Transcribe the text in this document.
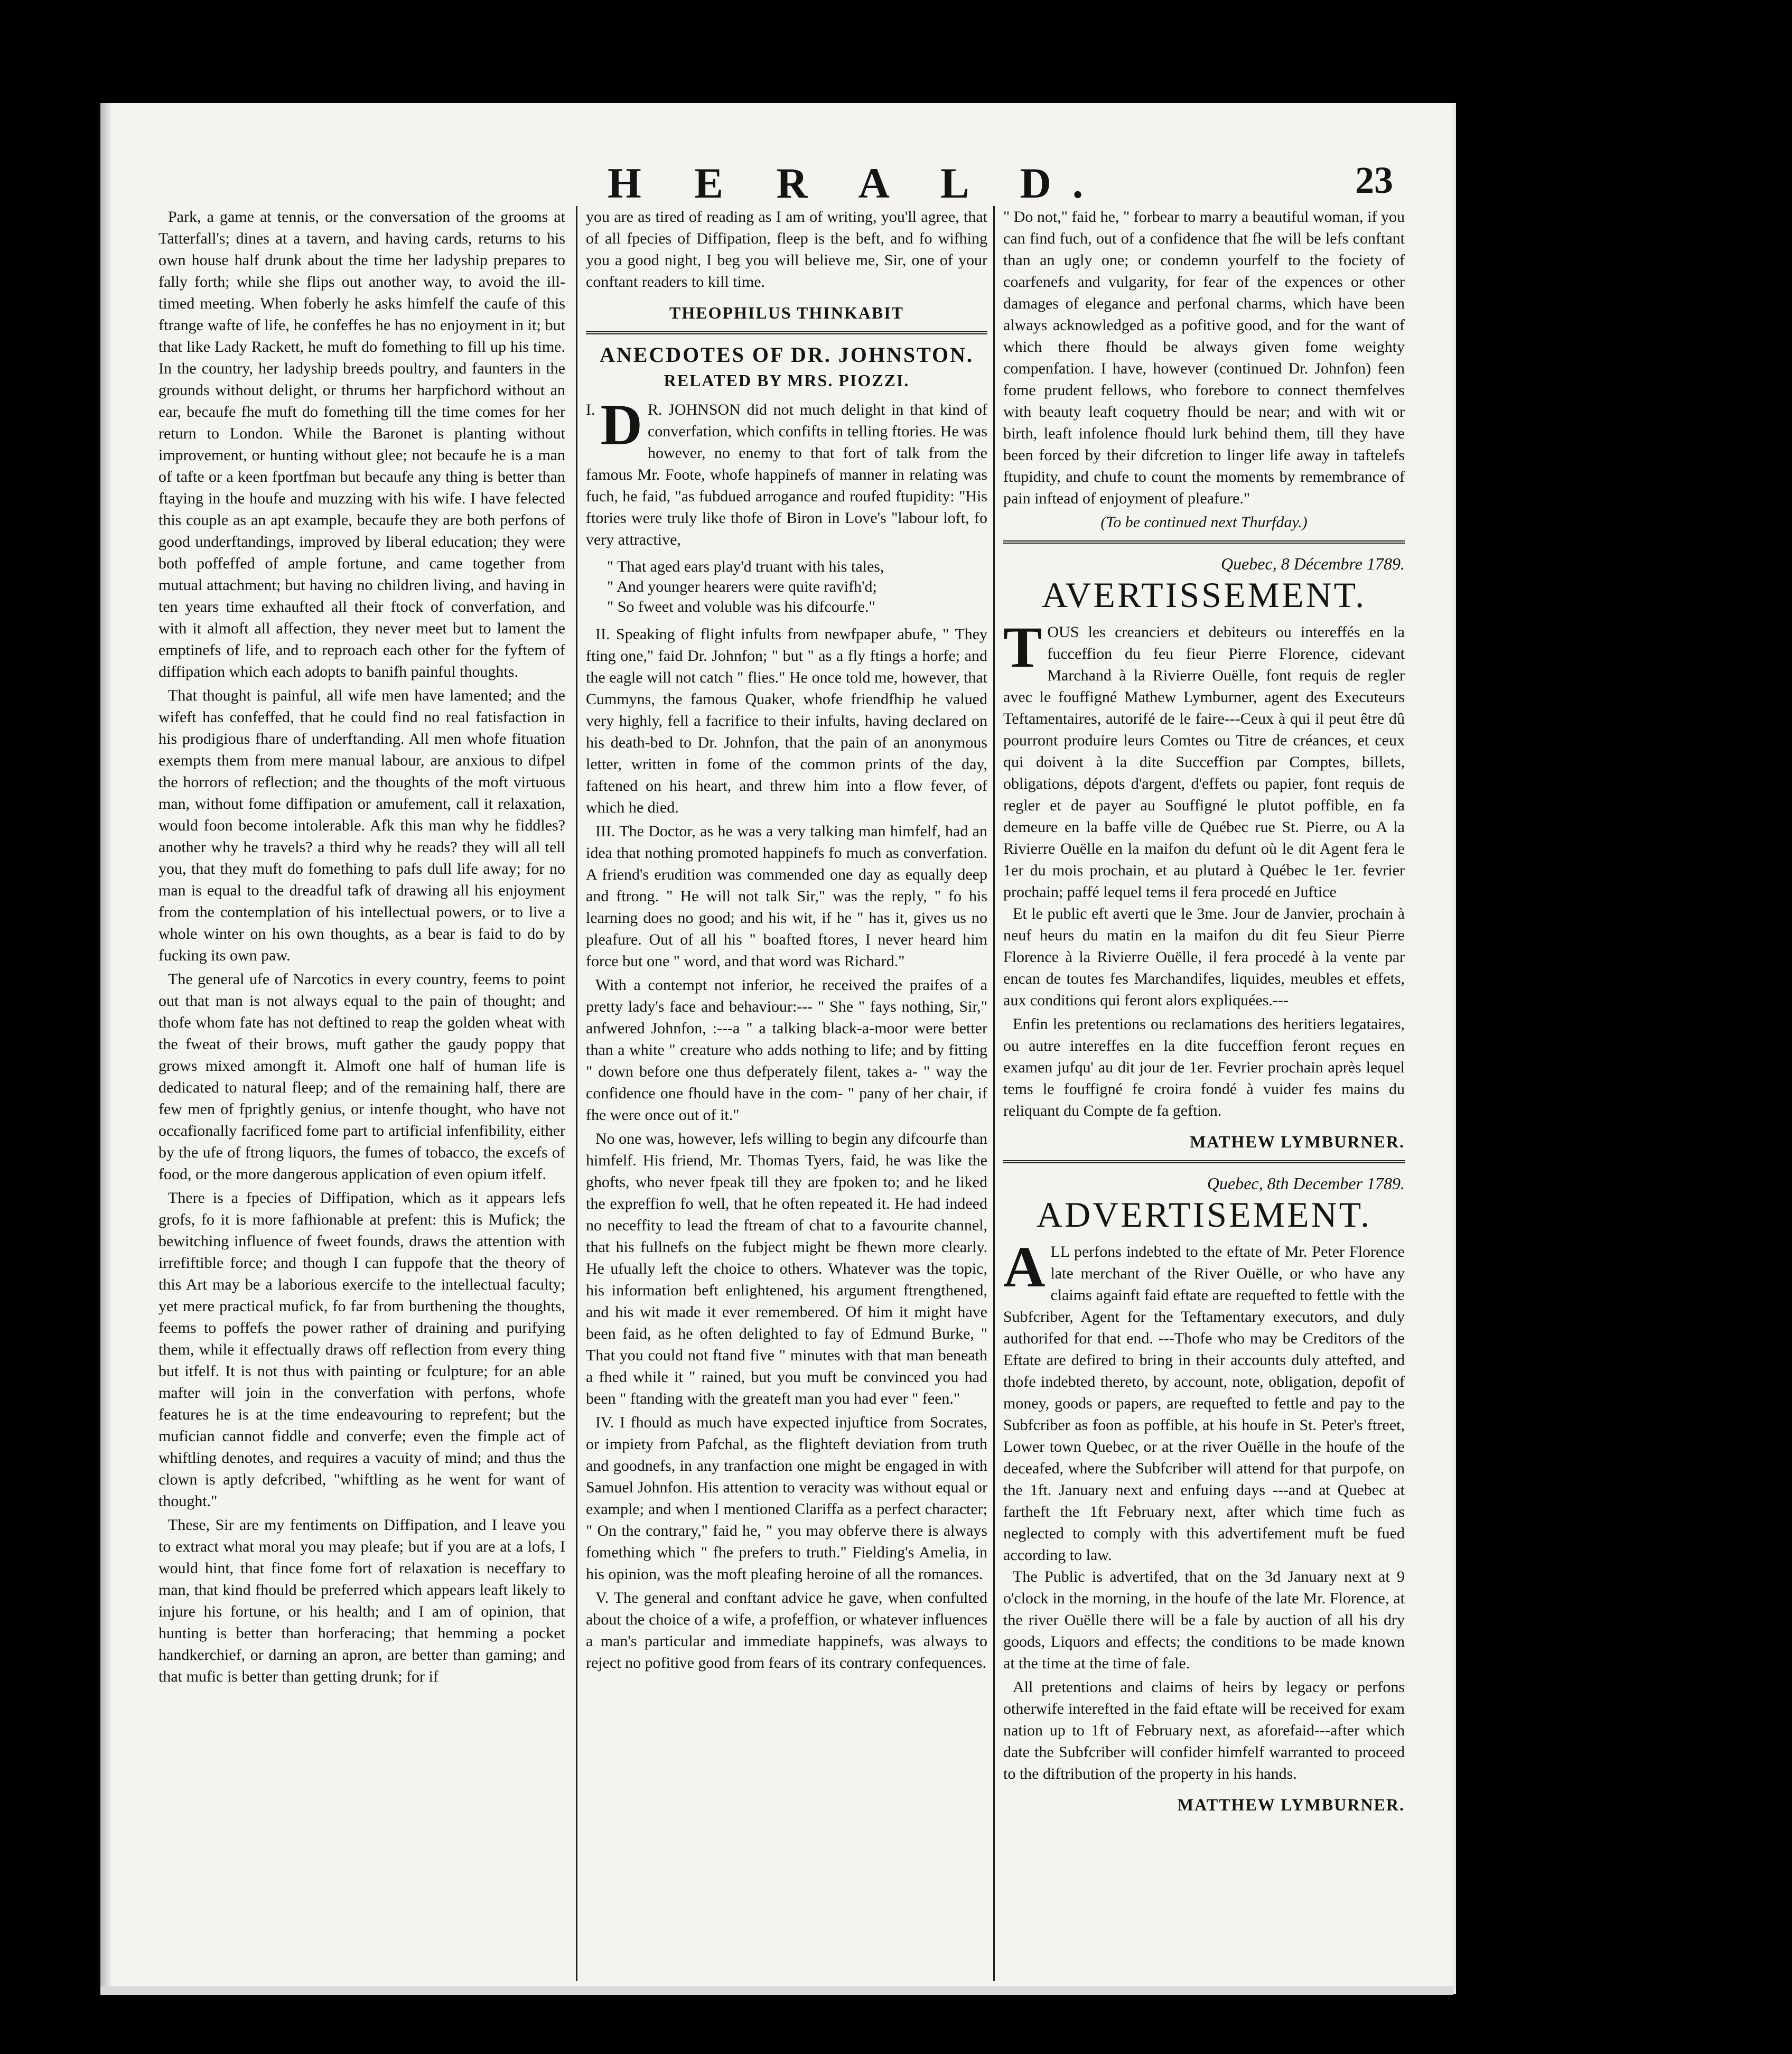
H E R A L D.	23

Park, a game at tennis, or the conversation of the grooms at Tatterfall's; dines at a tavern, and having cards, returns to his own house half drunk about the time her ladyship prepares to fally forth; while she flips out another way, to avoid the ill-timed meeting. When foberly he asks himfelf the caufe of this ftrange wafte of life, he confeffes he has no enjoyment in it; but that like Lady Rackett, he muft do fomething to fill up his time. In the country, her ladyship breeds poultry, and faunters in the grounds without delight, or thrums her harpfichord without an ear, becaufe fhe muft do fomething till the time comes for her return to London. While the Baronet is planting without improvement, or hunting without glee; not becaufe he is a man of tafte or a keen fportfman but becaufe any thing is better than ftaying in the houfe and muzzing with his wife. I have felected this couple as an apt example, becaufe they are both perfons of good underftandings, improved by liberal education; they were both poffeffed of ample fortune, and came together from mutual attachment; but having no children living, and having in ten years time exhaufted all their ftock of converfation, and with it almoft all affection, they never meet but to lament the emptinefs of life, and to reproach each other for the fyftem of diffipation which each adopts to banifh painful thoughts.

That thought is painful, all wife men have lamented; and the wifeft has confeffed, that he could find no real fatisfaction in his prodigious fhare of underftanding. All men whofe fituation exempts them from mere manual labour, are anxious to difpel the horrors of reflection; and the thoughts of the moft virtuous man, without fome diffipation or amufement, call it relaxation, would foon become intolerable. Afk this man why he fiddles? another why he travels? a third why he reads? they will all tell you, that they muft do fomething to pafs dull life away; for no man is equal to the dreadful tafk of drawing all his enjoyment from the contemplation of his intellectual powers, or to live a whole winter on his own thoughts, as a bear is faid to do by fucking its own paw.

The general ufe of Narcotics in every country, feems to point out that man is not always equal to the pain of thought; and thofe whom fate has not deftined to reap the golden wheat with the fweat of their brows, muft gather the gaudy poppy that grows mixed amongft it. Almoft one half of human life is dedicated to natural fleep; and of the remaining half, there are few men of fprightly genius, or intenfe thought, who have not occafionally facrificed fome part to artificial infenfibility, either by the ufe of ftrong liquors, the fumes of tobacco, the excefs of food, or the more dangerous application of even opium itfelf.

There is a fpecies of Diffipation, which as it appears lefs grofs, fo it is more fafhionable at prefent: this is Mufick; the bewitching influence of fweet founds, draws the attention with irrefiftible force; and though I can fuppofe that the theory of this Art may be a laborious exercife to the intellectual faculty; yet mere practical mufick, fo far from burthening the thoughts, feems to poffefs the power rather of draining and purifying them, while it effectually draws off reflection from every thing but itfelf. It is not thus with painting or fculpture; for an able mafter will join in the converfation with perfons, whofe features he is at the time endeavouring to reprefent; but the mufician cannot fiddle and converfe; even the fimple act of whiftling denotes, and requires a vacuity of mind; and thus the clown is aptly defcribed, "whiftling as he went for want of thought."

These, Sir are my fentiments on Diffipation, and I leave you to extract what moral you may pleafe; but if you are at a lofs, I would hint, that fince fome fort of relaxation is neceffary to man, that kind fhould be preferred which appears leaft likely to injure his fortune, or his health; and I am of opinion, that hunting is better than horferacing; that hemming a pocket handkerchief, or darning an apron, are better than gaming; and that mufic is better than getting drunk; for if

you are as tired of reading as I am of writing, you'll agree, that of all fpecies of Diffipation, fleep is the beft, and fo wifhing you a good night, I beg you will believe me, Sir, one of your conftant readers to kill time.

THEOPHILUS THINKABIT
ANECDOTES OF DR. JOHNSTON.
RELATED BY MRS. PIOZZI.
I. D R. JOHNSON did not much delight in that kind of converfation, which confifts in telling ftories. He was however, no enemy to that fort of talk from the famous Mr. Foote, whofe happinefs of manner in relating was fuch, he faid, "as fubdued arrogance and roufed ftupidity: "His ftories were truly like thofe of Biron in Love's "labour loft, fo very attractive,
" That aged ears play'd truant with his tales,
" And younger hearers were quite ravifh'd;
" So fweet and voluble was his difcourfe."

II. Speaking of flight infults from newfpaper abufe, " They fting one," faid Dr. Johnfon; " but " as a fly ftings a horfe; and the eagle will not catch " flies." He once told me, however, that Cummyns, the famous Quaker, whofe friendfhip he valued very highly, fell a facrifice to their infults, having declared on his death-bed to Dr. Johnfon, that the pain of an anonymous letter, written in fome of the common prints of the day, faftened on his heart, and threw him into a flow fever, of which he died.

III. The Doctor, as he was a very talking man himfelf, had an idea that nothing promoted happinefs fo much as converfation. A friend's erudition was commended one day as equally deep and ftrong. " He will not talk Sir," was the reply, " fo his learning does no good; and his wit, if he " has it, gives us no pleafure. Out of all his " boafted ftores, I never heard him force but one " word, and that word was Richard."

With a contempt not inferior, he received the praifes of a pretty lady's face and behaviour:--- " She " fays nothing, Sir," anfwered Johnfon, :---a " a talking black-a-moor were better than a white " creature who adds nothing to life; and by fitting " down before one thus defperately filent, takes a- " way the confidence one fhould have in the com- " pany of her chair, if fhe were once out of it."

No one was, however, lefs willing to begin any difcourfe than himfelf. His friend, Mr. Thomas Tyers, faid, he was like the ghofts, who never fpeak till they are fpoken to; and he liked the expreffion fo well, that he often repeated it. He had indeed no neceffity to lead the ftream of chat to a favourite channel, that his fullnefs on the fubject might be fhewn more clearly. He ufually left the choice to others. Whatever was the topic, his information beft enlightened, his argument ftrengthened, and his wit made it ever remembered. Of him it might have been faid, as he often delighted to fay of Edmund Burke, " That you could not ftand five " minutes with that man beneath a fhed while it " rained, but you muft be convinced you had been " ftanding with the greateft man you had ever " feen."

IV. I fhould as much have expected injuftice from Socrates, or impiety from Pafchal, as the flighteft deviation from truth and goodnefs, in any tranfaction one might be engaged in with Samuel Johnfon. His attention to veracity was without equal or example; and when I mentioned Clariffa as a perfect character; " On the contrary," faid he, " you may obferve there is always fomething which " fhe prefers to truth." Fielding's Amelia, in his opinion, was the moft pleafing heroine of all the romances.

V. The general and conftant advice he gave, when confulted about the choice of a wife, a profeffion, or whatever influences a man's particular and immediate happinefs, was always to reject no pofitive good from fears of its contrary confequences.

" Do not," faid he, " forbear to marry a beautiful woman, if you can find fuch, out of a confidence that fhe will be lefs conftant than an ugly one; or condemn yourfelf to the fociety of coarfenefs and vulgarity, for fear of the expences or other damages of elegance and perfonal charms, which have been always acknowledged as a pofitive good, and for the want of which there fhould be always given fome weighty compenfation. I have, however (continued Dr. Johnfon) feen fome prudent fellows, who forebore to connect themfelves with beauty leaft coquetry fhould be near; and with wit or birth, leaft infolence fhould lurk behind them, till they have been forced by their difcretion to linger life away in taftelefs ftupidity, and chufe to count the moments by remembrance of pain inftead of enjoyment of pleafure."

(To be continued next Thurfday.)
Quebec, 8 Décembre 1789.
AVERTISSEMENT.
T OUS les creanciers et debiteurs ou intereffés en la fucceffion du feu fieur Pierre Florence, cidevant Marchand à la Rivierre Ouëlle, font requis de regler avec le fouffigné Mathew Lymburner, agent des Executeurs Teftamentaires, autorifé de le faire---Ceux à qui il peut être dû pourront produire leurs Comtes ou Titre de créances, et ceux qui doivent à la dite Succeffion par Comptes, billets, obligations, dépots d'argent, d'effets ou papier, font requis de regler et de payer au Souffigné le plutot poffible, en fa demeure en la baffe ville de Québec rue St. Pierre, ou A la Rivierre Ouëlle en la maifon du defunt où le dit Agent fera le 1er du mois prochain, et au plutard à Québec le 1er. fevrier prochain; paffé lequel tems il fera procedé en Juftice

Et le public eft averti que le 3me. Jour de Janvier, prochain à neuf heurs du matin en la maifon du dit feu Sieur Pierre Florence à la Rivierre Ouëlle, il fera procedé à la vente par encan de toutes fes Marchandifes, liquides, meubles et effets, aux conditions qui feront alors expliquées.---

Enfin les pretentions ou reclamations des heritiers legataires, ou autre intereffes en la dite fucceffion feront reçues en examen jufqu' au dit jour de 1er. Fevrier prochain après lequel tems le fouffigné fe croira fondé à vuider fes mains du reliquant du Compte de fa geftion.

MATHEW LYMBURNER.
Quebec, 8th December 1789.
ADVERTISEMENT.
A LL perfons indebted to the eftate of Mr. Peter Florence late merchant of the River Ouëlle, or who have any claims againft faid eftate are requefted to fettle with the Subfcriber, Agent for the Teftamentary executors, and duly authorifed for that end. ---Thofe who may be Creditors of the Eftate are defired to bring in their accounts duly attefted, and thofe indebted thereto, by account, note, obligation, depofit of money, goods or papers, are requefted to fettle and pay to the Subfcriber as foon as poffible, at his houfe in St. Peter's ftreet, Lower town Quebec, or at the river Ouëlle in the houfe of the deceafed, where the Subfcriber will attend for that purpofe, on the 1ft. January next and enfuing days ---and at Quebec at fartheft the 1ft February next, after which time fuch as neglected to comply with this advertifement muft be fued according to law.

The Public is advertifed, that on the 3d January next at 9 o'clock in the morning, in the houfe of the late Mr. Florence, at the river Ouëlle there will be a fale by auction of all his dry goods, Liquors and effects; the conditions to be made known at the time at the time of fale.

All pretentions and claims of heirs by legacy or perfons otherwife interefted in the faid eftate will be received for exam nation up to 1ft of February next, as aforefaid---after which date the Subfcriber will confider himfelf warranted to proceed to the diftribution of the property in his hands.

MATTHEW LYMBURNER.
